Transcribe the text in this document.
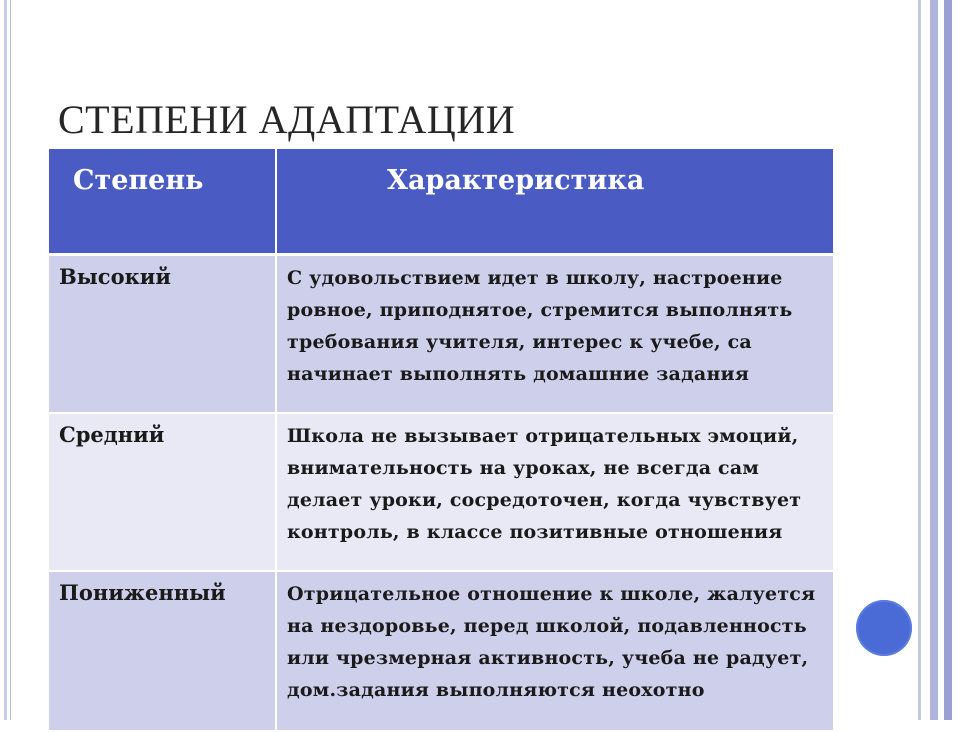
СТЕПЕНИ АДАПТАЦИИ
Степень	Характеристика

Высокий	С удовольствием идет в школу, настроение ровное, приподнятое, стремится выполнять требования учителя, интерес к учебе, са начинает выполнять домашние задания

Средний	Школа не вызывает отрицательных эмоций, внимательность на уроках, не всегда сам делает уроки, сосредоточен, когда чувствует контроль, в классе позитивные отношения

Пониженный	Отрицательное отношение к школе, жалуется на нездоровье, перед школой, подавленность или чрезмерная активность, учеба не радует, дом.задания выполняются неохотно
